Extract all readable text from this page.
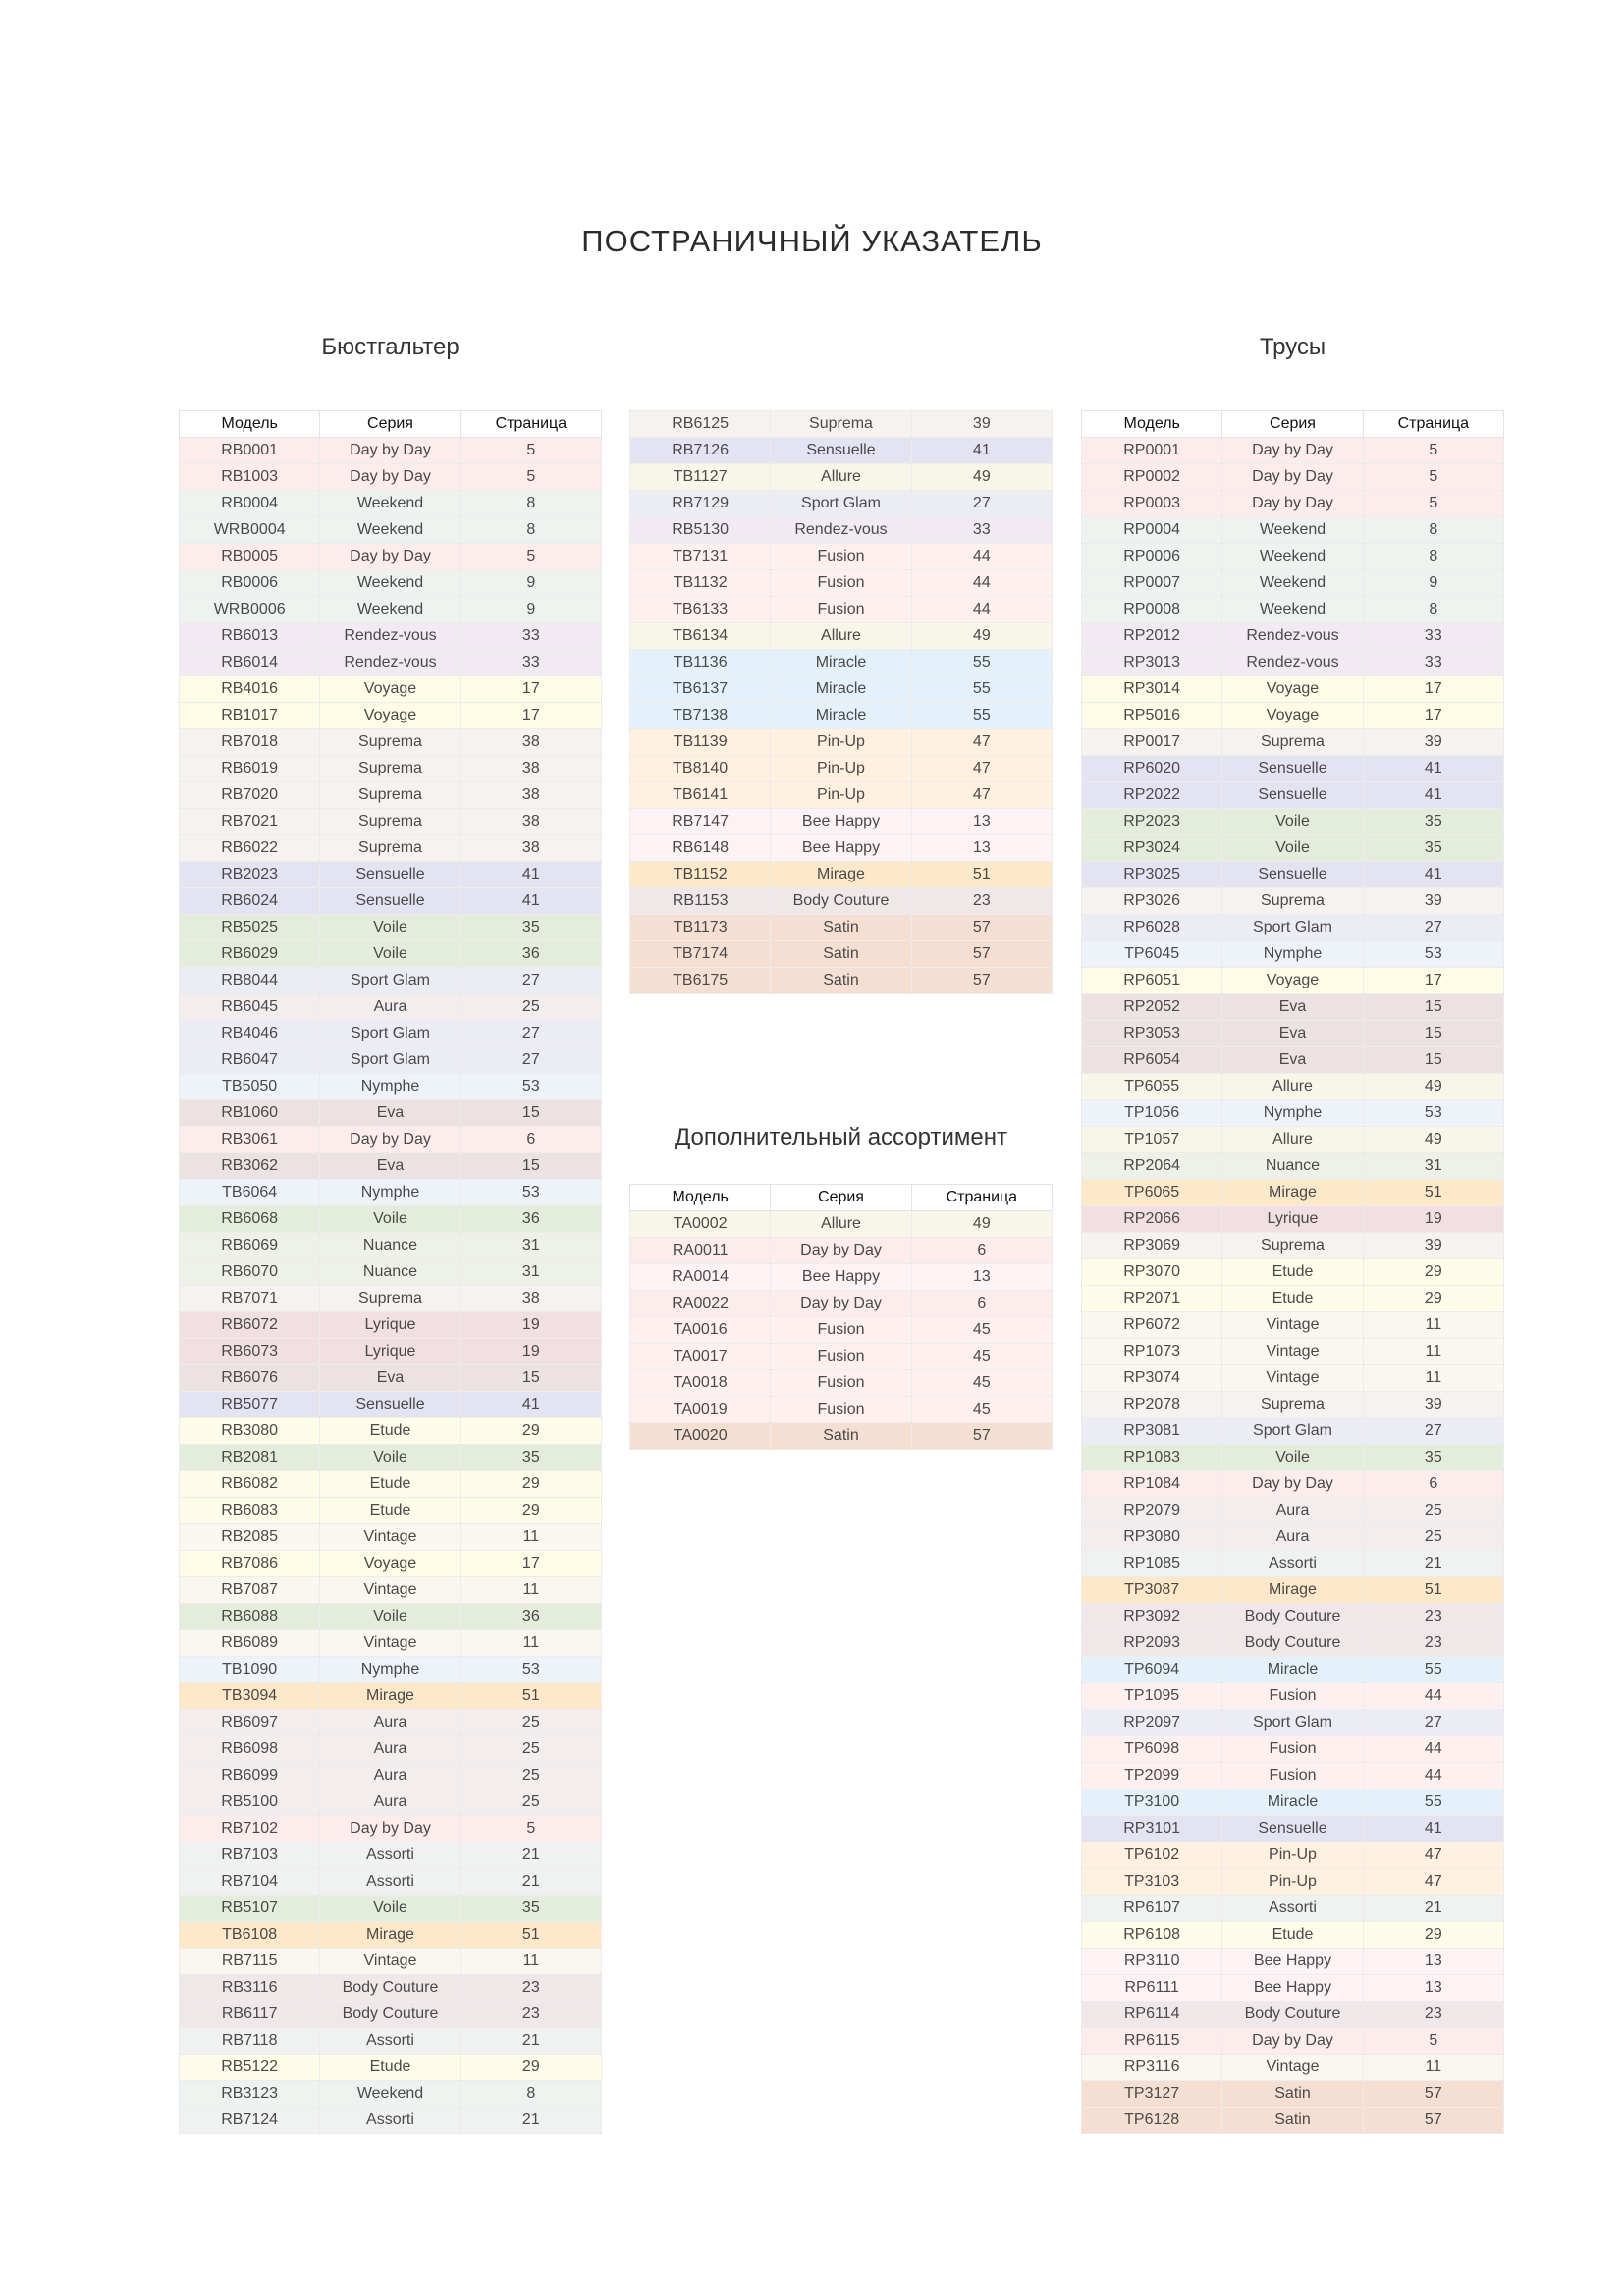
ПОСТРАНИЧНЫЙ УКАЗАТЕЛЬ
Бюстгальтер	Трусы
Дополнительный ассортимент
Модель	Серия	Страница
RB0001	Day by Day	5
RB1003	Day by Day	5
RB0004	Weekend	8
WRB0004	Weekend	8
RB0005	Day by Day	5
RB0006	Weekend	9
WRB0006	Weekend	9
RB6013	Rendez-vous	33
RB6014	Rendez-vous	33
RB4016	Voyage	17
RB1017	Voyage	17
RB7018	Suprema	38
RB6019	Suprema	38
RB7020	Suprema	38
RB7021	Suprema	38
RB6022	Suprema	38
RB2023	Sensuelle	41
RB6024	Sensuelle	41
RB5025	Voile	35
RB6029	Voile	36
RB8044	Sport Glam	27
RB6045	Aura	25
RB4046	Sport Glam	27
RB6047	Sport Glam	27
TB5050	Nymphe	53
RB1060	Eva	15
RB3061	Day by Day	6
RB3062	Eva	15
TB6064	Nymphe	53
RB6068	Voile	36
RB6069	Nuance	31
RB6070	Nuance	31
RB7071	Suprema	38
RB6072	Lyrique	19
RB6073	Lyrique	19
RB6076	Eva	15
RB5077	Sensuelle	41
RB3080	Etude	29
RB2081	Voile	35
RB6082	Etude	29
RB6083	Etude	29
RB2085	Vintage	11
RB7086	Voyage	17
RB7087	Vintage	11
RB6088	Voile	36
RB6089	Vintage	11
TB1090	Nymphe	53
TB3094	Mirage	51
RB6097	Aura	25
RB6098	Aura	25
RB6099	Aura	25
RB5100	Aura	25
RB7102	Day by Day	5
RB7103	Assorti	21
RB7104	Assorti	21
RB5107	Voile	35
TB6108	Mirage	51
RB7115	Vintage	11
RB3116	Body Couture	23
RB6117	Body Couture	23
RB7118	Assorti	21
RB5122	Etude	29
RB3123	Weekend	8
RB7124	Assorti	21
RB6125	Suprema	39
RB7126	Sensuelle	41
TB1127	Allure	49
RB7129	Sport Glam	27
RB5130	Rendez-vous	33
TB7131	Fusion	44
TB1132	Fusion	44
TB6133	Fusion	44
TB6134	Allure	49
TB1136	Miracle	55
TB6137	Miracle	55
TB7138	Miracle	55
TB1139	Pin-Up	47
TB8140	Pin-Up	47
TB6141	Pin-Up	47
RB7147	Bee Happy	13
RB6148	Bee Happy	13
TB1152	Mirage	51
RB1153	Body Couture	23
TB1173	Satin	57
TB7174	Satin	57
TB6175	Satin	57
Модель	Серия	Страница
TA0002	Allure	49
RA0011	Day by Day	6
RA0014	Bee Happy	13
RA0022	Day by Day	6
TA0016	Fusion	45
TA0017	Fusion	45
TA0018	Fusion	45
TA0019	Fusion	45
TA0020	Satin	57
Модель	Серия	Страница
RP0001	Day by Day	5
RP0002	Day by Day	5
RP0003	Day by Day	5
RP0004	Weekend	8
RP0006	Weekend	8
RP0007	Weekend	9
RP0008	Weekend	8
RP2012	Rendez-vous	33
RP3013	Rendez-vous	33
RP3014	Voyage	17
RP5016	Voyage	17
RP0017	Suprema	39
RP6020	Sensuelle	41
RP2022	Sensuelle	41
RP2023	Voile	35
RP3024	Voile	35
RP3025	Sensuelle	41
RP3026	Suprema	39
RP6028	Sport Glam	27
TP6045	Nymphe	53
RP6051	Voyage	17
RP2052	Eva	15
RP3053	Eva	15
RP6054	Eva	15
TP6055	Allure	49
TP1056	Nymphe	53
TP1057	Allure	49
RP2064	Nuance	31
TP6065	Mirage	51
RP2066	Lyrique	19
RP3069	Suprema	39
RP3070	Etude	29
RP2071	Etude	29
RP6072	Vintage	11
RP1073	Vintage	11
RP3074	Vintage	11
RP2078	Suprema	39
RP3081	Sport Glam	27
RP1083	Voile	35
RP1084	Day by Day	6
RP2079	Aura	25
RP3080	Aura	25
RP1085	Assorti	21
TP3087	Mirage	51
RP3092	Body Couture	23
RP2093	Body Couture	23
TP6094	Miracle	55
TP1095	Fusion	44
RP2097	Sport Glam	27
TP6098	Fusion	44
TP2099	Fusion	44
TP3100	Miracle	55
RP3101	Sensuelle	41
TP6102	Pin-Up	47
TP3103	Pin-Up	47
RP6107	Assorti	21
RP6108	Etude	29
RP3110	Bee Happy	13
RP6111	Bee Happy	13
RP6114	Body Couture	23
RP6115	Day by Day	5
RP3116	Vintage	11
TP3127	Satin	57
TP6128	Satin	57
